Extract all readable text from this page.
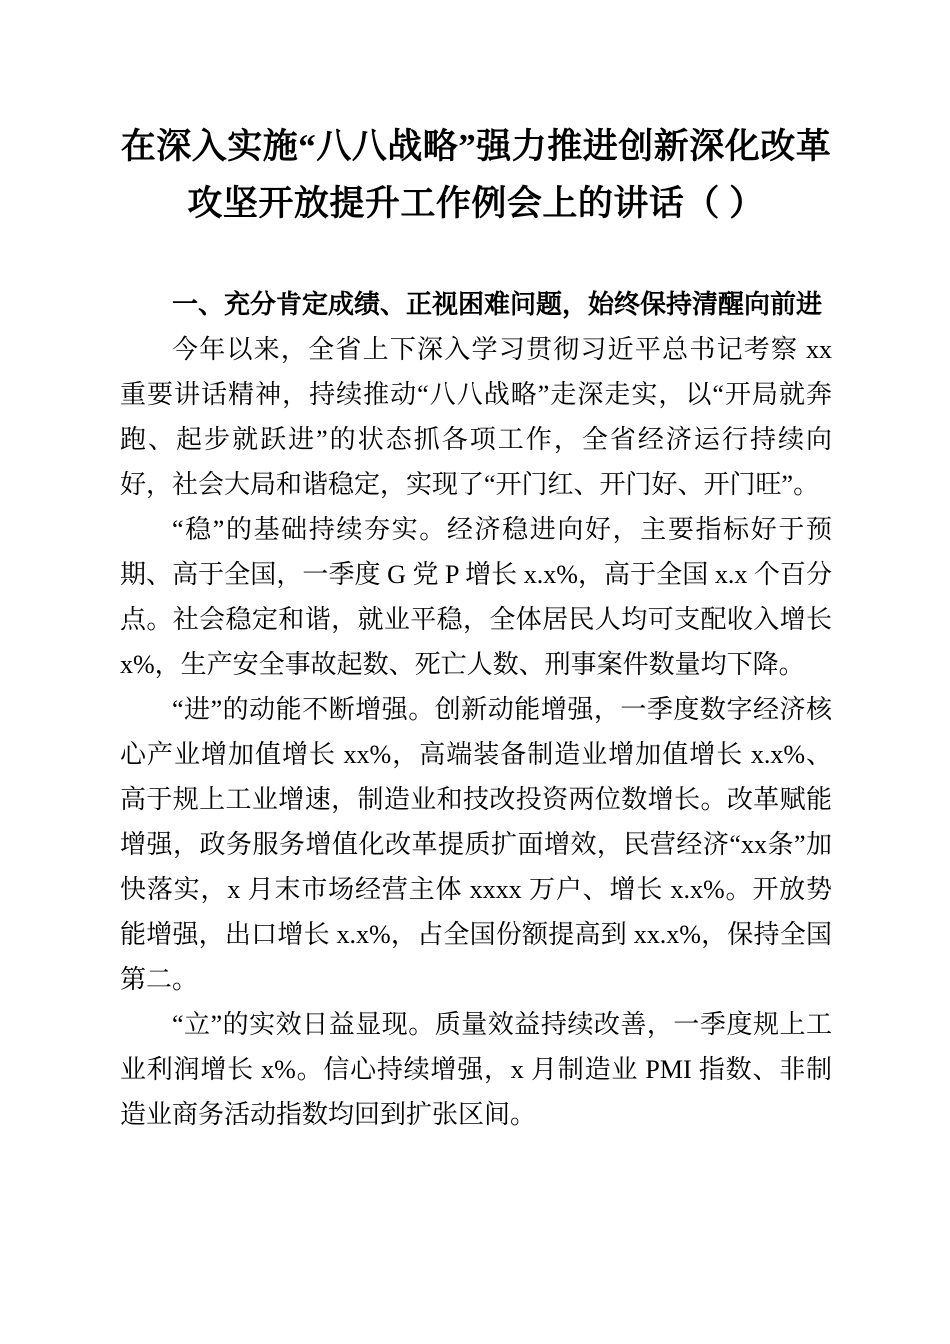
在深入实施“八八战略”强力推进创新深化改革攻坚开放提升工作例会上的讲话（ ）
一、充分肯定成绩、正视困难问题，始终保持清醒向前进

今年以来，全省上下深入学习贯彻习近平总书记考察 xx 重要讲话精神，持续推动“八八战略”走深走实，以“开局就奔跑、起步就跃进”的状态抓各项工作，全省经济运行持续向好，社会大局和谐稳定，实现了“开门红、开门好、开门旺”。

“稳”的基础持续夯实。经济稳进向好，主要指标好于预期、高于全国，一季度 G 党 P 增长 x.x%，高于全国 x.x 个百分点。社会稳定和谐，就业平稳，全体居民人均可支配收入增长x%，生产安全事故起数、死亡人数、刑事案件数量均下降。

“进”的动能不断增强。创新动能增强，一季度数字经济核心产业增加值增长 xx%，高端装备制造业增加值增长 x.x%、高于规上工业增速，制造业和技改投资两位数增长。改革赋能增强，政务服务增值化改革提质扩面增效，民营经济“xx条”加快落实，x 月末市场经营主体 xxxx 万户、增长 x.x%。开放势能增强，出口增长 x.x%，占全国份额提高到 xx.x%，保持全国第二。

“立”的实效日益显现。质量效益持续改善，一季度规上工业利润增长 x%。信心持续增强，x 月制造业 PMI 指数、非制造业商务活动指数均回到扩张区间。
